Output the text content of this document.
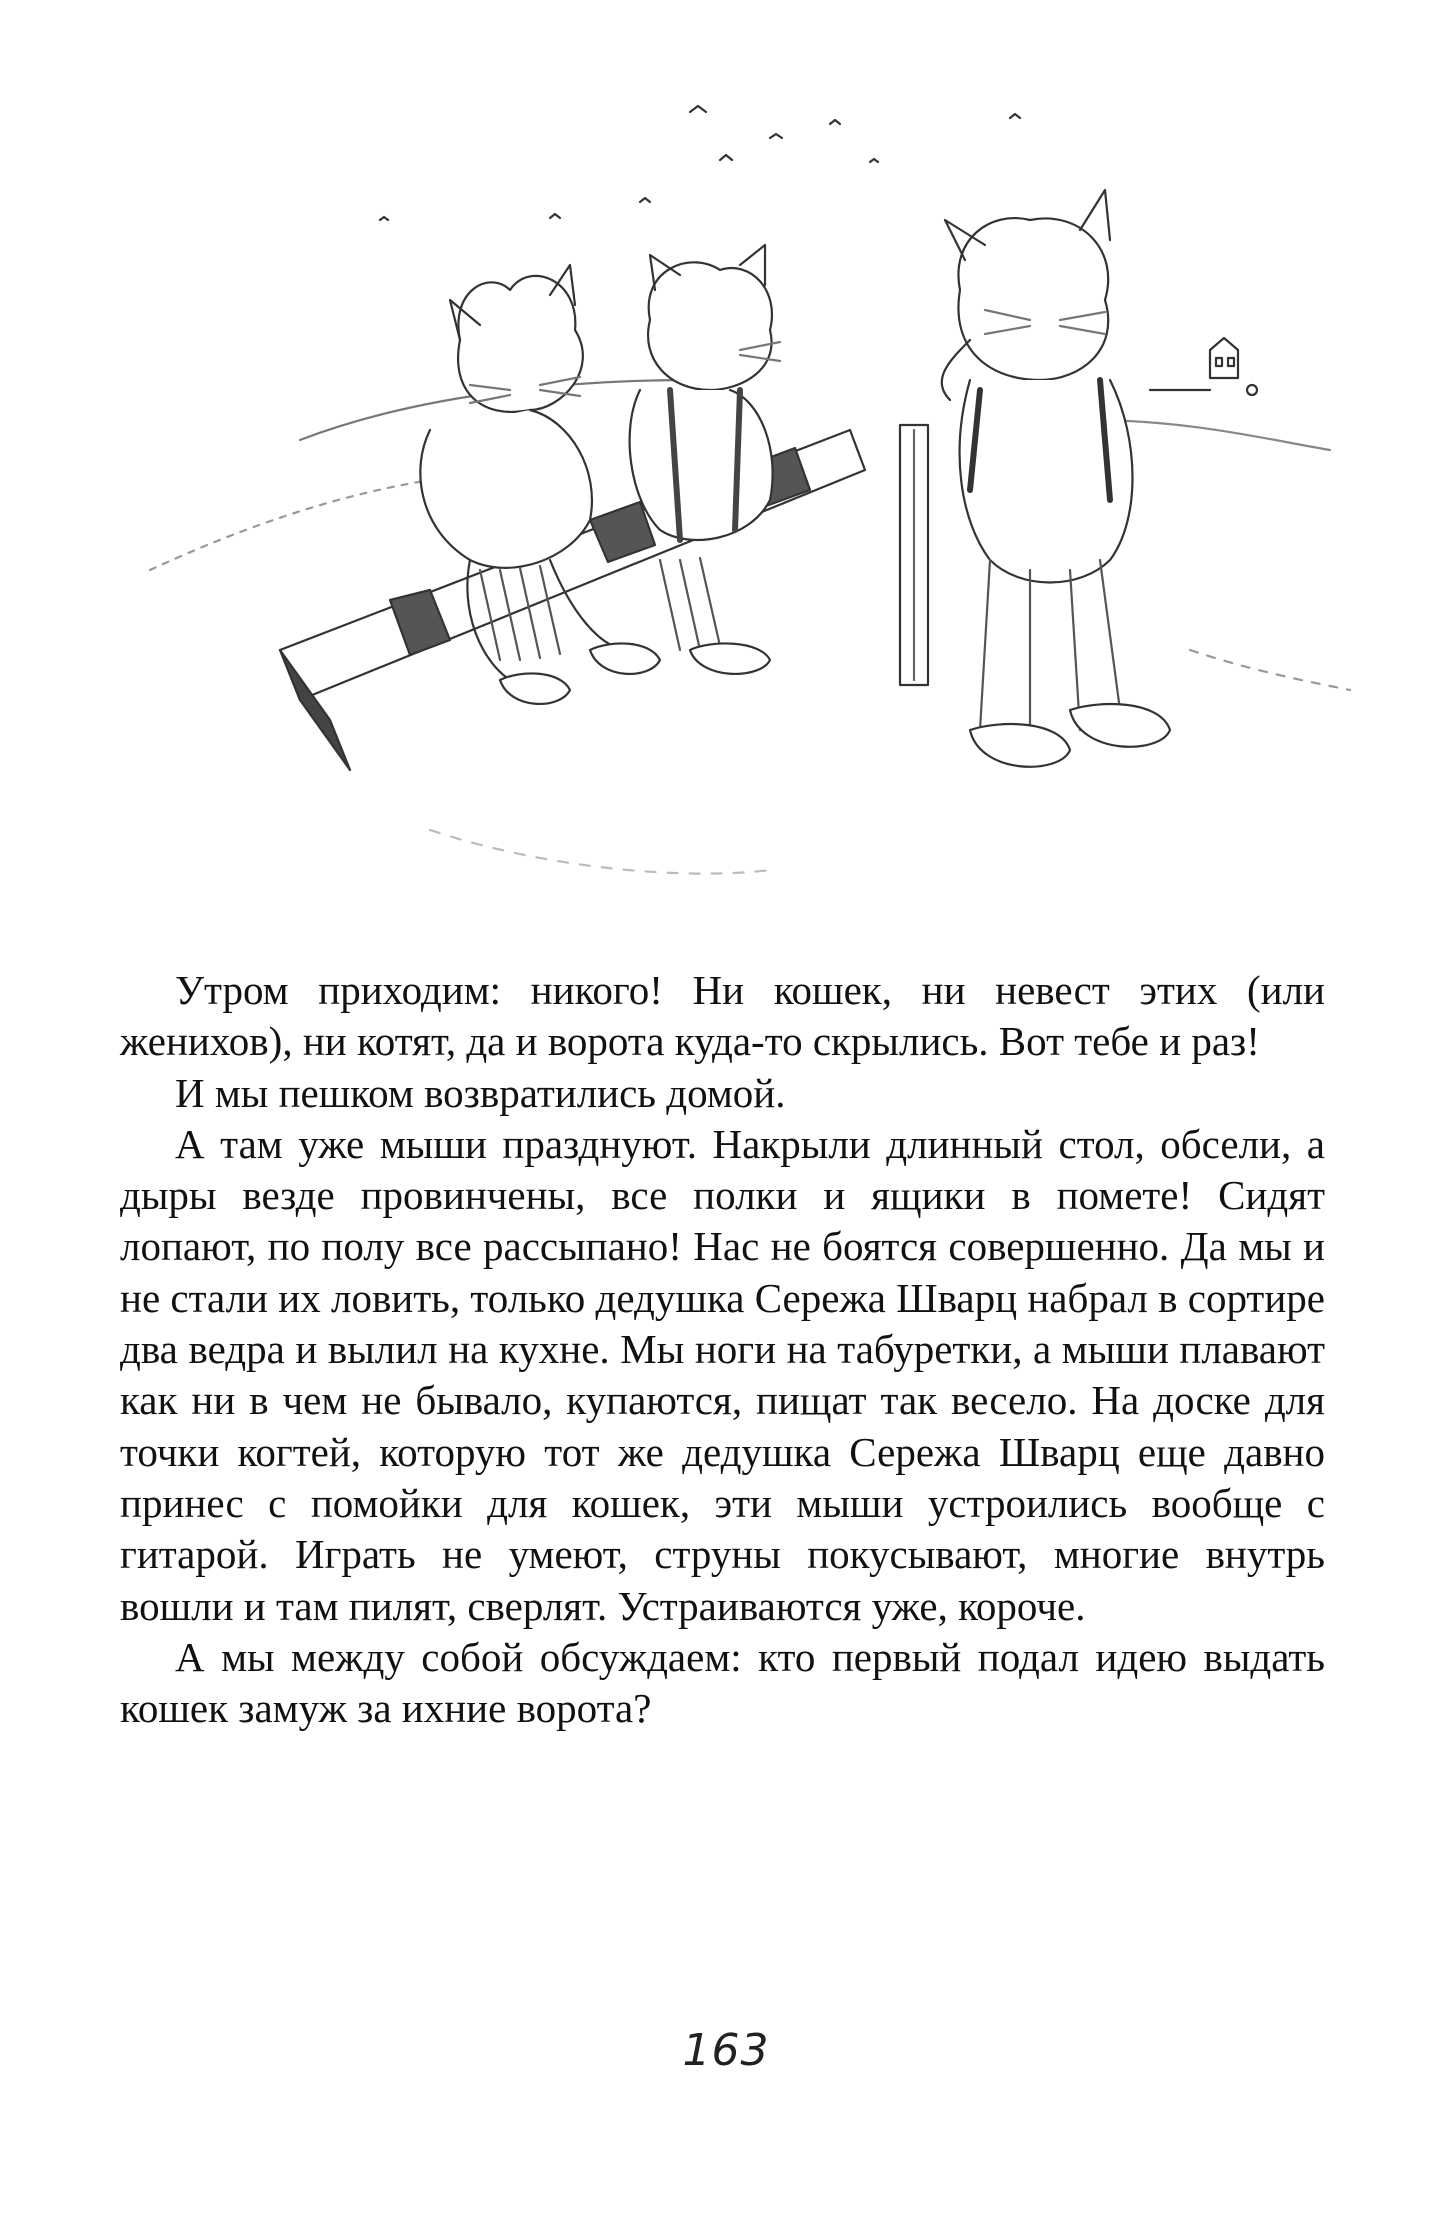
Утром приходим: никого! Ни кошек, ни невест этих (или женихов), ни котят, да и ворота куда-то скрылись. Вот тебе и раз!

И мы пешком возвратились домой.

А там уже мыши празднуют. Накрыли длинный стол, обсели, а дыры везде провинчены, все полки и ящики в помете! Сидят лопают, по полу все рассыпано! Нас не боятся совершенно. Да мы и не стали их ловить, только дедушка Сережа Шварц набрал в сортире два ведра и вылил на кухне. Мы ноги на табуретки, а мыши плавают как ни в чем не бывало, купаются, пищат так весело. На доске для точки когтей, которую тот же дедушка Сережа Шварц еще давно принес с помойки для кошек, эти мыши устроились вообще с гитарой. Играть не умеют, струны покусывают, многие внутрь вошли и там пилят, сверлят. Устраиваются уже, короче.

А мы между собой обсуждаем: кто первый подал идею выдать кошек замуж за ихние ворота?

163
